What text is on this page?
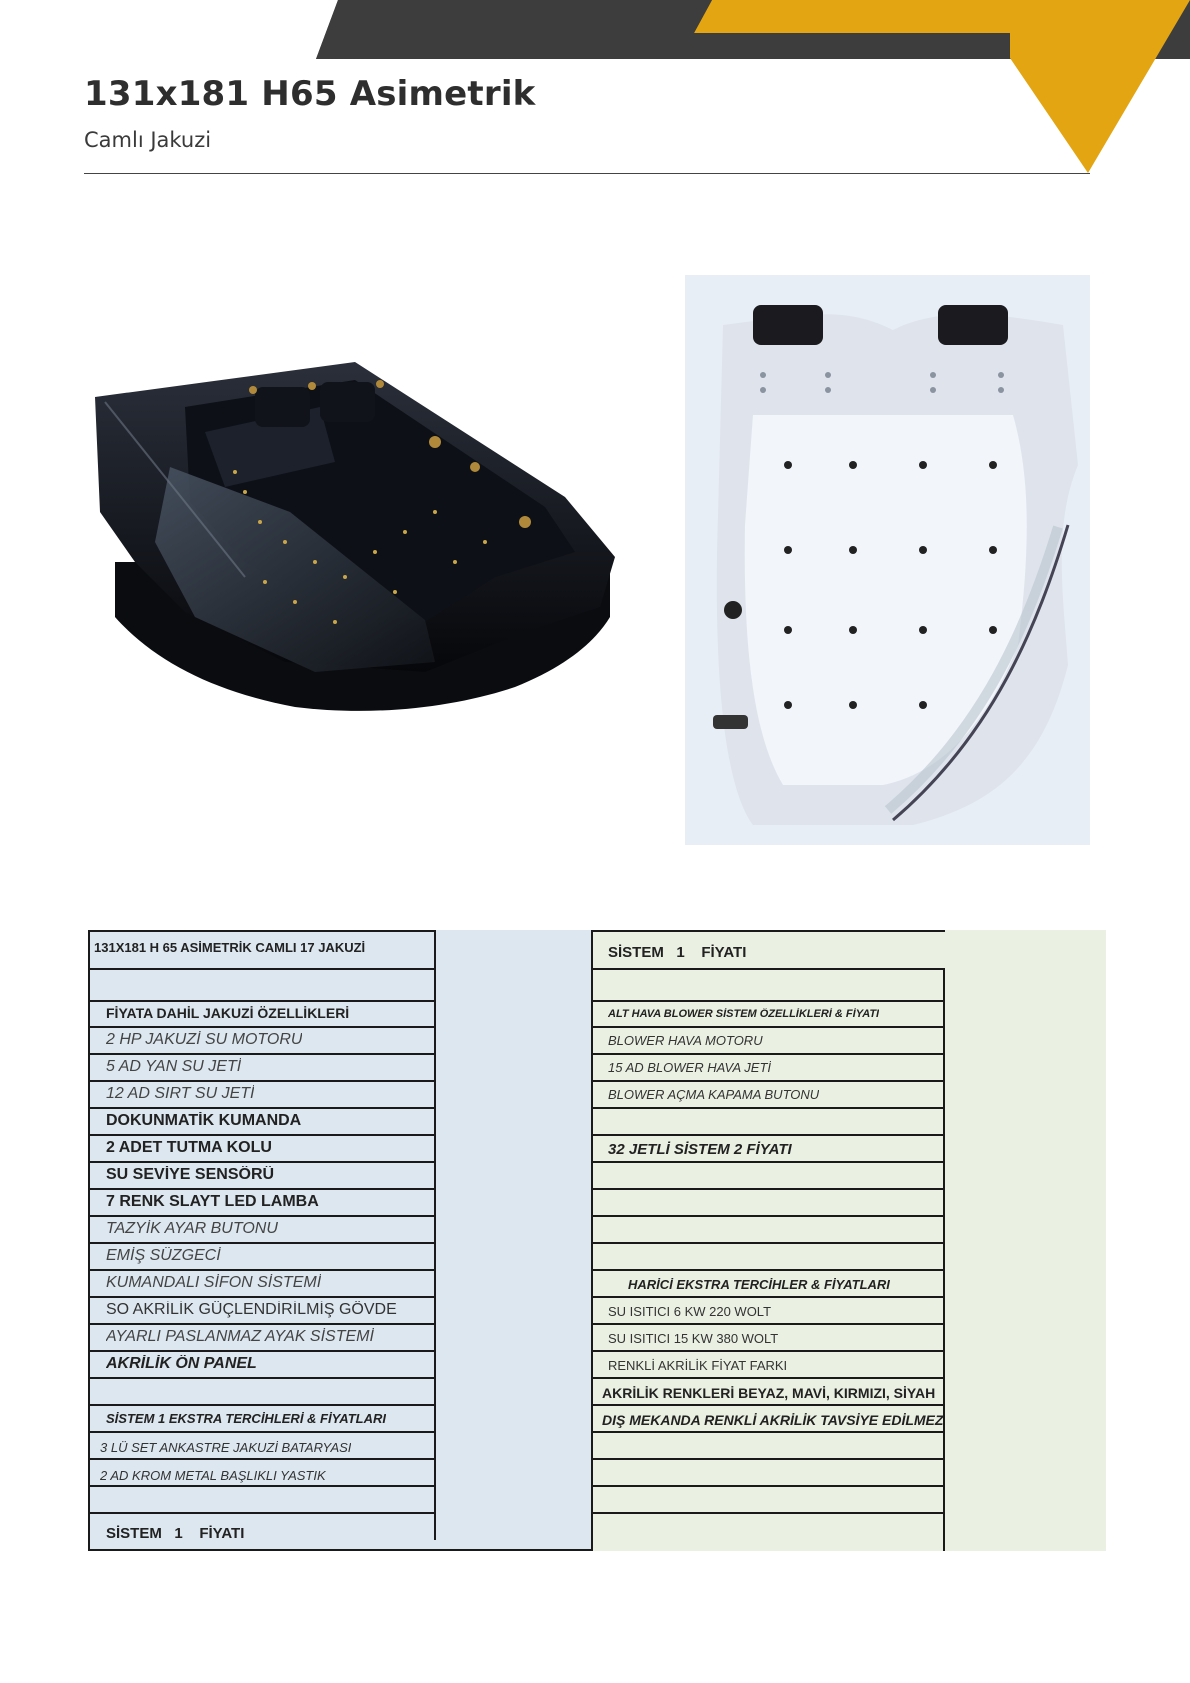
131x181 H65 Asimetrik
Camlı Jakuzi
131X181 H 65 ASİMETRİK CAMLI 17 JAKUZİ
FİYATA DAHİL JAKUZİ ÖZELLİKLERİ
2 HP JAKUZİ SU MOTORU
5 AD YAN SU JETİ
12 AD SIRT SU JETİ
DOKUNMATİK KUMANDA
2 ADET TUTMA KOLU
SU SEVİYE SENSÖRÜ
7 RENK SLAYT LED LAMBA
TAZYİK AYAR BUTONU
EMİŞ SÜZGECİ
KUMANDALI SİFON SİSTEMİ
SO AKRİLİK GÜÇLENDİRİLMİŞ GÖVDE
AYARLI PASLANMAZ AYAK SİSTEMİ
AKRİLİK ÖN PANEL
SİSTEM 1 EKSTRA TERCİHLERİ & FİYATLARI
3 LÜ SET ANKASTRE JAKUZİ BATARYASI
2 AD KROM METAL BAŞLIKLI YASTIK
SİSTEM   1    FİYATI
SİSTEM   1    FİYATI
ALT HAVA BLOWER SİSTEM ÖZELLİKLERİ & FİYATI
BLOWER HAVA MOTORU
15 AD BLOWER HAVA JETİ
BLOWER AÇMA KAPAMA BUTONU
32 JETLİ SİSTEM 2 FİYATI
HARİCİ EKSTRA TERCİHLER & FİYATLARI
SU ISITICI 6 KW 220 WOLT
SU ISITICI 15 KW 380 WOLT
RENKLİ AKRİLİK FİYAT FARKI
AKRİLİK RENKLERİ BEYAZ, MAVİ, KIRMIZI, SİYAH
DIŞ MEKANDA RENKLİ AKRİLİK TAVSİYE EDİLMEZ
